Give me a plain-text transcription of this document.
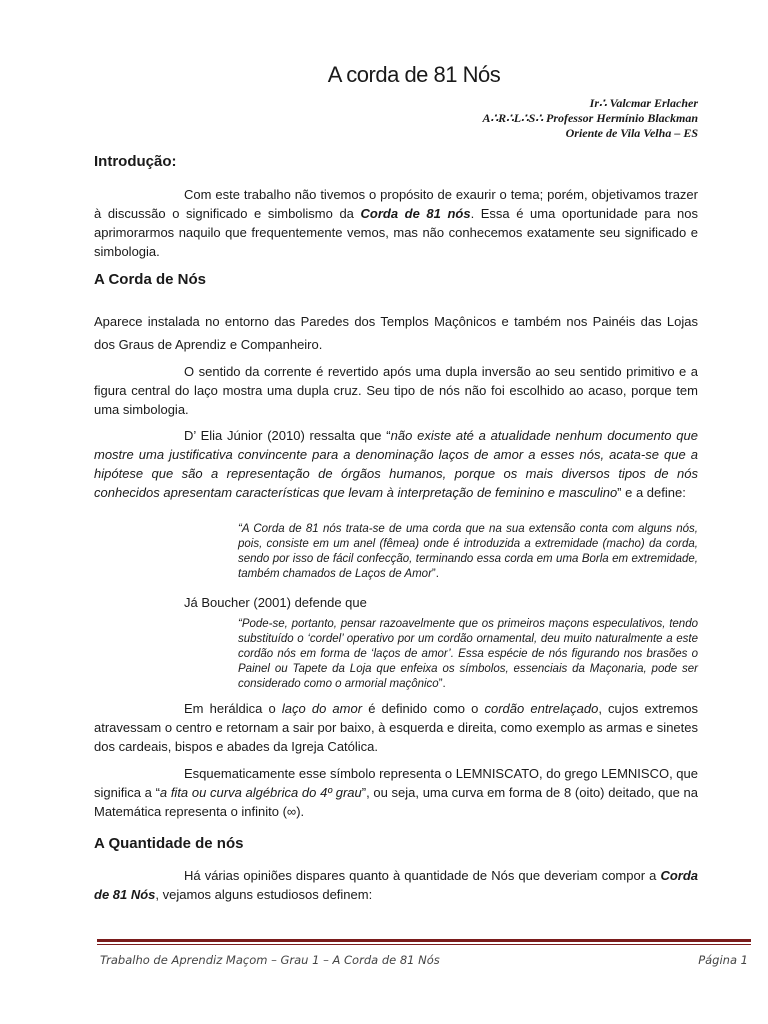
A corda de 81 Nós
Ir∴ Valcmar Erlacher
A∴R∴L∴S∴ Professor Hermínio Blackman
Oriente de Vila Velha – ES
Introdução:

Com este trabalho não tivemos o propósito de exaurir o tema; porém, objetivamos trazer à discussão o significado e simbolismo da Corda de 81 nós. Essa é uma oportunidade para nos aprimorarmos naquilo que frequentemente vemos, mas não conhecemos exatamente seu significado e simbologia.

A Corda de Nós

Aparece instalada no entorno das Paredes dos Templos Maçônicos e também nos Painéis das Lojas dos Graus de Aprendiz e Companheiro.

O sentido da corrente é revertido após uma dupla inversão ao seu sentido primitivo e a figura central do laço mostra uma dupla cruz. Seu tipo de nós não foi escolhido ao acaso, porque tem uma simbologia.

D’ Elia Júnior (2010) ressalta que “não existe até a atualidade nenhum documento que mostre uma justificativa convincente para a denominação laços de amor a esses nós, acata-se que a hipótese que são a representação de órgãos humanos, porque os mais diversos tipos de nós conhecidos apresentam características que levam à interpretação de feminino e masculino” e a define:

“A Corda de 81 nós trata-se de uma corda que na sua extensão conta com alguns nós, pois, consiste em um anel (fêmea) onde é introduzida a extremidade (macho) da corda, sendo por isso de fácil confecção, terminando essa corda em uma Borla em extremidade, também chamados de Laços de Amor”.

Já Boucher (2001) defende que

“Pode-se, portanto, pensar razoavelmente que os primeiros maçons especulativos, tendo substituído o ‘cordel’ operativo por um cordão ornamental, deu muito naturalmente a este cordão nós em forma de ‘laços de amor’. Essa espécie de nós figurando nos brasões o Painel ou Tapete da Loja que enfeixa os símbolos, essenciais da Maçonaria, pode ser considerado como o armorial maçônico”.

Em heráldica o laço do amor é definido como o cordão entrelaçado, cujos extremos atravessam o centro e retornam a sair por baixo, à esquerda e direita, como exemplo as armas e sinetes dos cardeais, bispos e abades da Igreja Católica.

Esquematicamente esse símbolo representa o LEMNISCATO, do grego LEMNISCO, que significa a “a fita ou curva algébrica do 4º grau”, ou seja, uma curva em forma de 8 (oito) deitado, que na Matemática representa o infinito (∞).

A Quantidade de nós

Há várias opiniões dispares quanto à quantidade de Nós que deveriam compor a Corda de 81 Nós, vejamos alguns estudiosos definem:

Trabalho de Aprendiz Maçom – Grau 1 – A Corda de 81 Nós	Página 1
